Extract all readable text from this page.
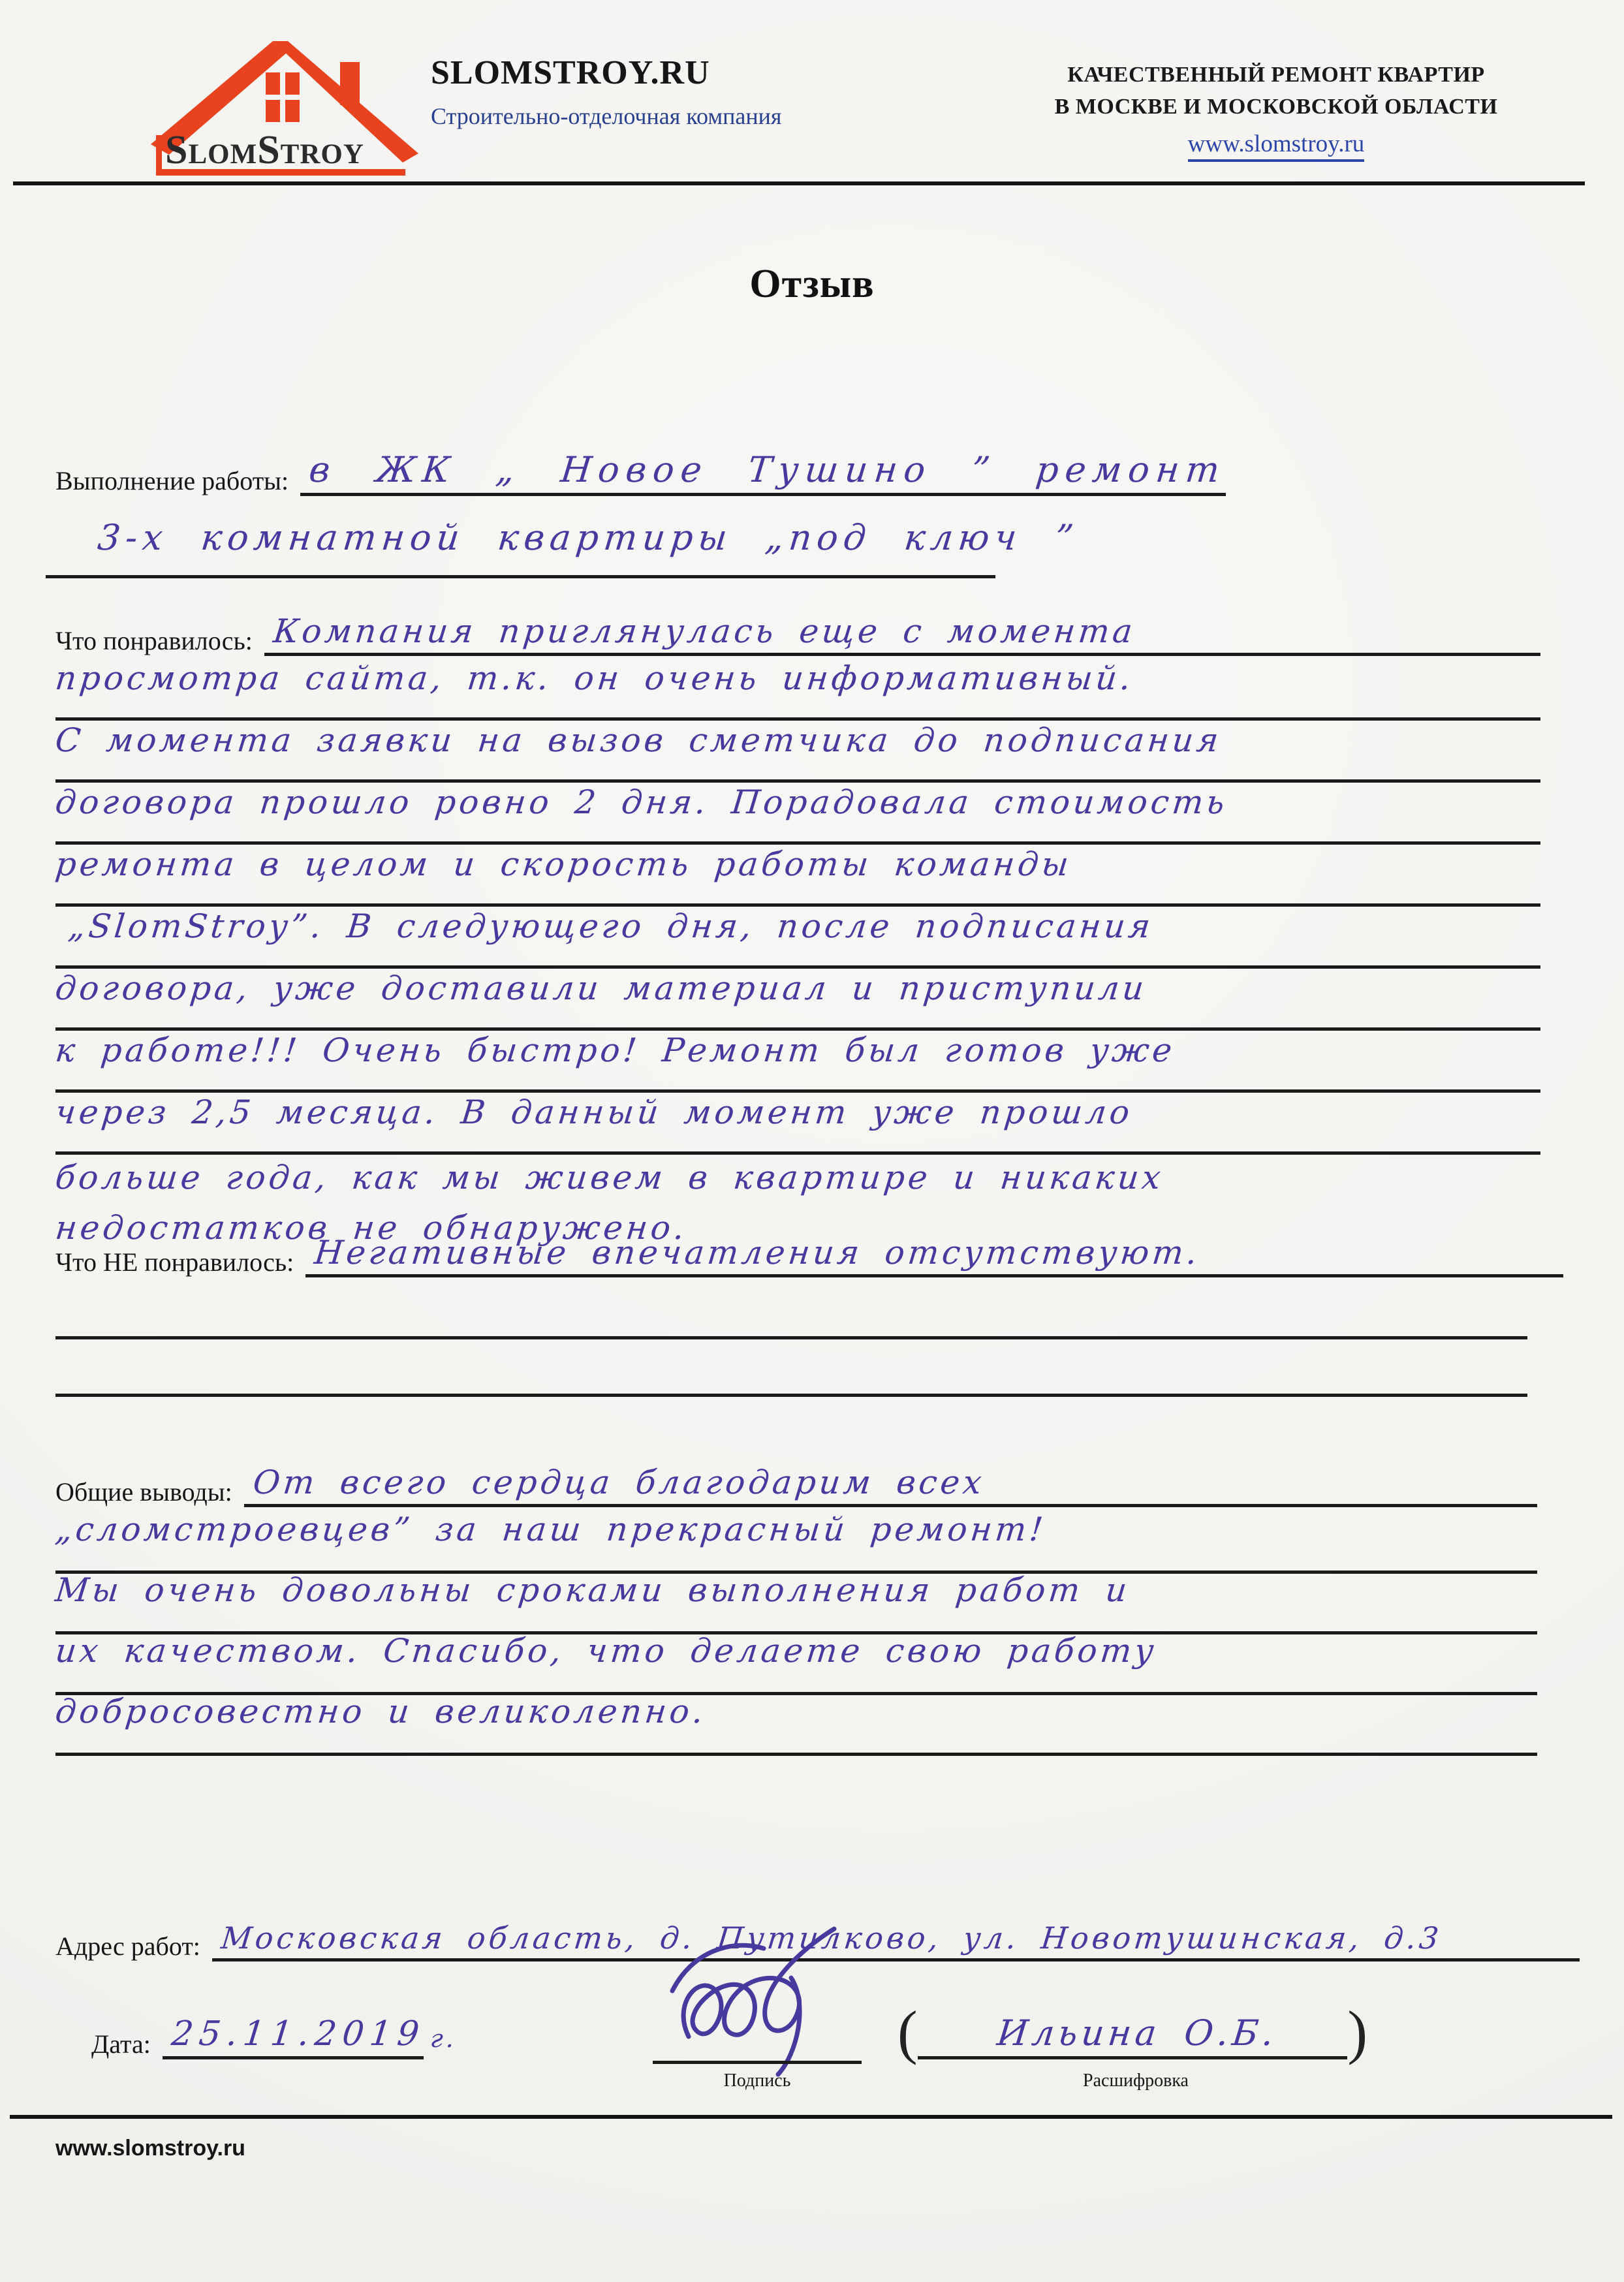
SlomStroy
SLOMSTROY.RU
Строительно-отделочная компания
КАЧЕСТВЕННЫЙ РЕМОНТ КВАРТИР
В МОСКВЕ И МОСКОВСКОЙ ОБЛАСТИ
www.slomstroy.ru
Отзыв
Выполнение работы: в ЖК „ Новое Тушино ” ремонт
3-х комнатной квартиры „под ключ ”
Что понравилось: Компания приглянулась еще с момента
просмотра сайта, т.к. он очень информативный.
С момента заявки на вызов сметчика до подписания
договора прошло ровно 2 дня. Порадовала стоимость
ремонта в целом и скорость работы команды
„SlomStroy”. В следующего дня, после подписания
договора, уже доставили материал и приступили
к работе!!! Очень быстро! Ремонт был готов уже
через 2,5 месяца. В данный момент уже прошло
больше года, как мы живем в квартире и никаких
недостатков не обнаружено.
Что НЕ понравилось: Негативные впечатления отсутствуют.
Общие выводы: От всего сердца благодарим всех
„сломстроевцев” за наш прекрасный ремонт!
Мы очень довольны сроками выполнения работ и
их качеством. Спасибо, что делаете свою работу
добросовестно и великолепно.
Адрес работ: Московская область, д. Путилково, ул. Новотушинская, д.3
Дата: 25.11.2019 г.
Подпись
(	Ильина О.Б.	)
Расшифровка
www.slomstroy.ru
